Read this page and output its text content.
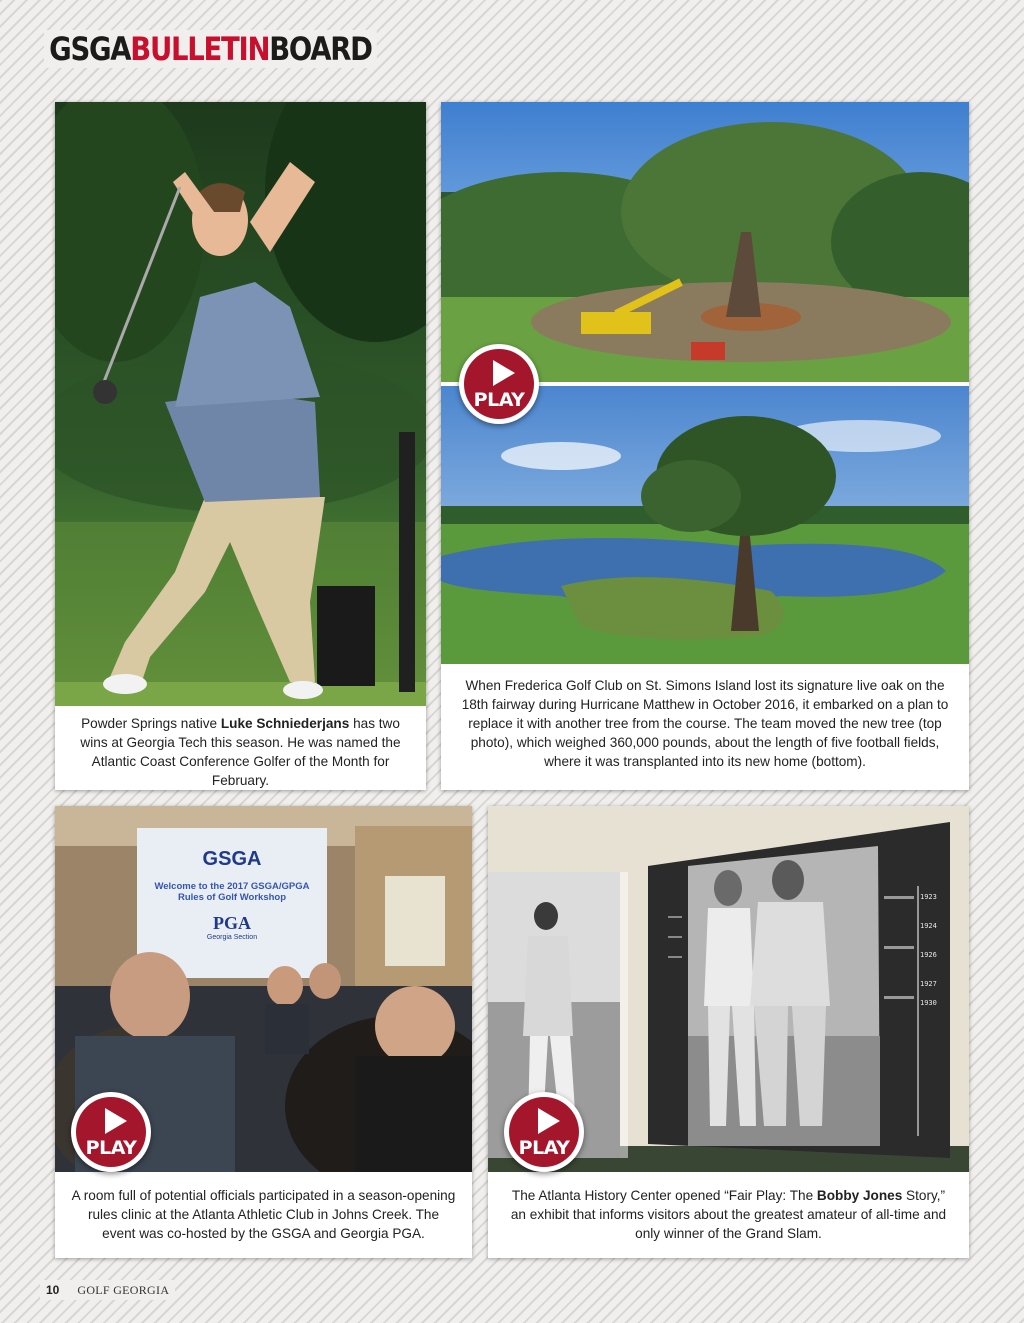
GSGABULLETINBOARD
Powder Springs native Luke Schniederjans has two wins at Georgia Tech this season. He was named the Atlantic Coast Conference Golfer of the Month for February.
When Frederica Golf Club on St. Simons Island lost its signature live oak on the 18th fairway during Hurricane Matthew in October 2016, it embarked on a plan to replace it with another tree from the course. The team moved the new tree (top photo), which weighed 360,000 pounds, about the length of five football fields, where it was transplanted into its new home (bottom).
PLAY
GSGA
Welcome to the 2017 GSGA/GPGA
Rules of Golf Workshop
PGA
Georgia Section
A room full of potential officials participated in a season-opening rules clinic at the Atlanta Athletic Club in Johns Creek. The event was co-hosted by the GSGA and Georgia PGA.
PLAY
1923
1924
1926
1927
1930
The Atlanta History Center opened “Fair Play: The Bobby Jones Story,” an exhibit that informs visitors about the greatest amateur of all-time and only winner of the Grand Slam.
PLAY
10 GOLF GEORGIA
